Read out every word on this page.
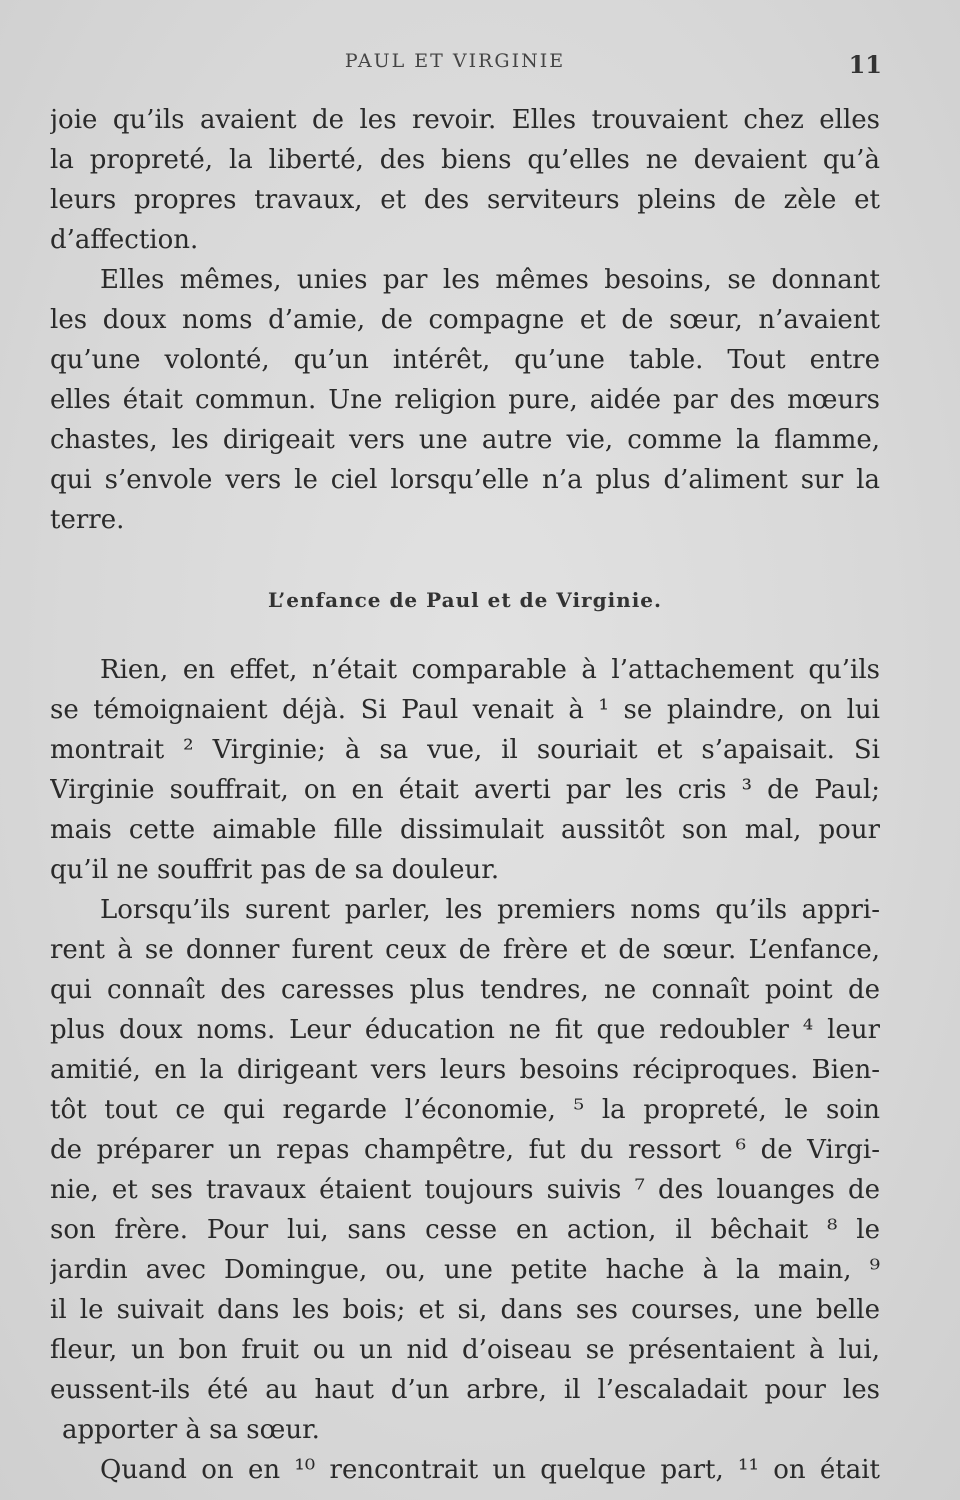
PAUL ET VIRGINIE	11
joie qu’ils avaient de les revoir. Elles trouvaient chez elles
la propreté, la liberté, des biens qu’elles ne devaient qu’à
leurs propres travaux, et des serviteurs pleins de zèle et
d’affection.
Elles mêmes, unies par les mêmes besoins, se donnant
les doux noms d’amie, de compagne et de sœur, n’avaient
qu’une volonté, qu’un intérêt, qu’une table. Tout entre
elles était commun. Une religion pure, aidée par des mœurs
chastes, les dirigeait vers une autre vie, comme la flamme,
qui s’envole vers le ciel lorsqu’elle n’a plus d’aliment sur la
terre.
L’enfance de Paul et de Virginie.
Rien, en effet, n’était comparable à l’attachement qu’ils
se témoignaient déjà. Si Paul venait à ¹ se plaindre, on lui
montrait ² Virginie; à sa vue, il souriait et s’apaisait. Si
Virginie souffrait, on en était averti par les cris ³ de Paul;
mais cette aimable fille dissimulait aussitôt son mal, pour
qu’il ne souffrit pas de sa douleur.
Lorsqu’ils surent parler, les premiers noms qu’ils appri-
rent à se donner furent ceux de frère et de sœur. L’enfance,
qui connaît des caresses plus tendres, ne connaît point de
plus doux noms. Leur éducation ne fit que redoubler ⁴ leur
amitié, en la dirigeant vers leurs besoins réciproques. Bien-
tôt tout ce qui regarde l’économie, ⁵ la propreté, le soin
de préparer un repas champêtre, fut du ressort ⁶ de Virgi-
nie, et ses travaux étaient toujours suivis ⁷ des louanges de
son frère. Pour lui, sans cesse en action, il bêchait ⁸ le
jardin avec Domingue, ou, une petite hache à la main, ⁹
il le suivait dans les bois; et si, dans ses courses, une belle
fleur, un bon fruit ou un nid d’oiseau se présentaient à lui,
eussent-ils été au haut d’un arbre, il l’escaladait pour les
apporter à sa sœur.
Quand on en ¹⁰ rencontrait un quelque part, ¹¹ on était
